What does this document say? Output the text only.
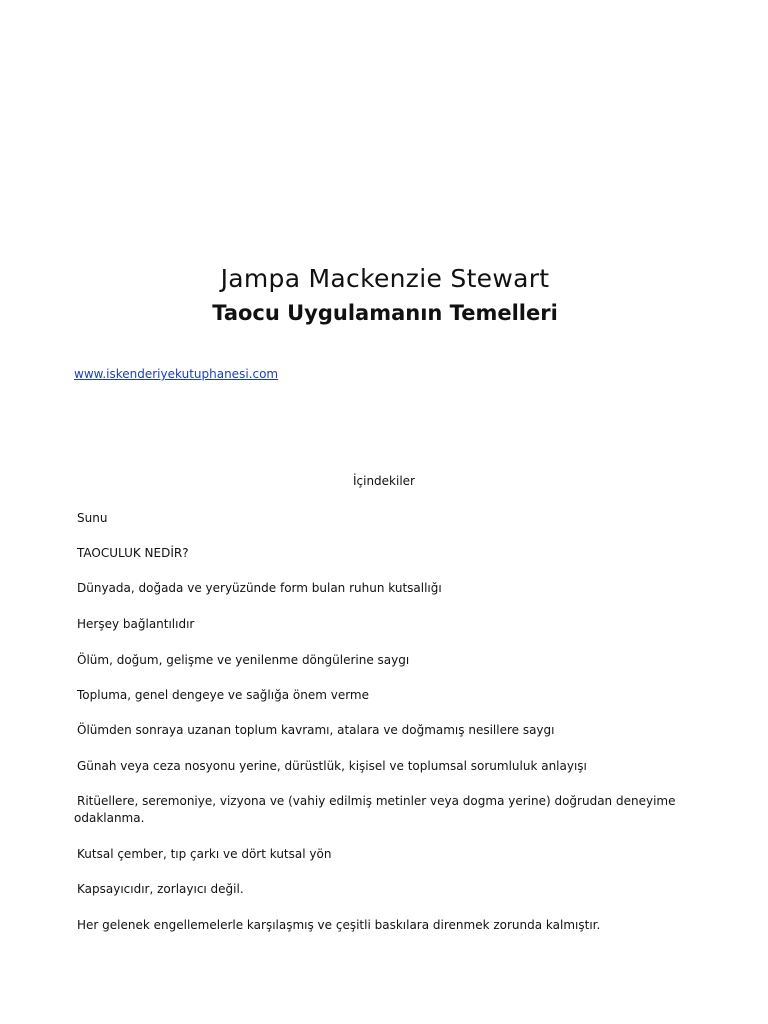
Jampa Mackenzie Stewart
Taocu Uygulamanın Temelleri
www.iskenderiyekutuphanesi.com
İçindekiler
Sunu
TAOCULUK NEDİR?
Dünyada, doğada ve yeryüzünde form bulan ruhun kutsallığı
Herşey bağlantılıdır
Ölüm, doğum, gelişme ve yenilenme döngülerine saygı
Topluma, genel dengeye ve sağlığa önem verme
Ölümden sonraya uzanan toplum kavramı, atalara ve doğmamış nesillere saygı
Günah veya ceza nosyonu yerine, dürüstlük, kişisel ve toplumsal sorumluluk anlayışı
Ritüellere, seremoniye, vizyona ve (vahiy edilmiş metinler veya dogma yerine) doğrudan deneyime odaklanma.
Kutsal çember, tıp çarkı ve dört kutsal yön
Kapsayıcıdır, zorlayıcı değil.
Her gelenek engellemelerle karşılaşmış ve çeşitli baskılara direnmek zorunda kalmıştır.
